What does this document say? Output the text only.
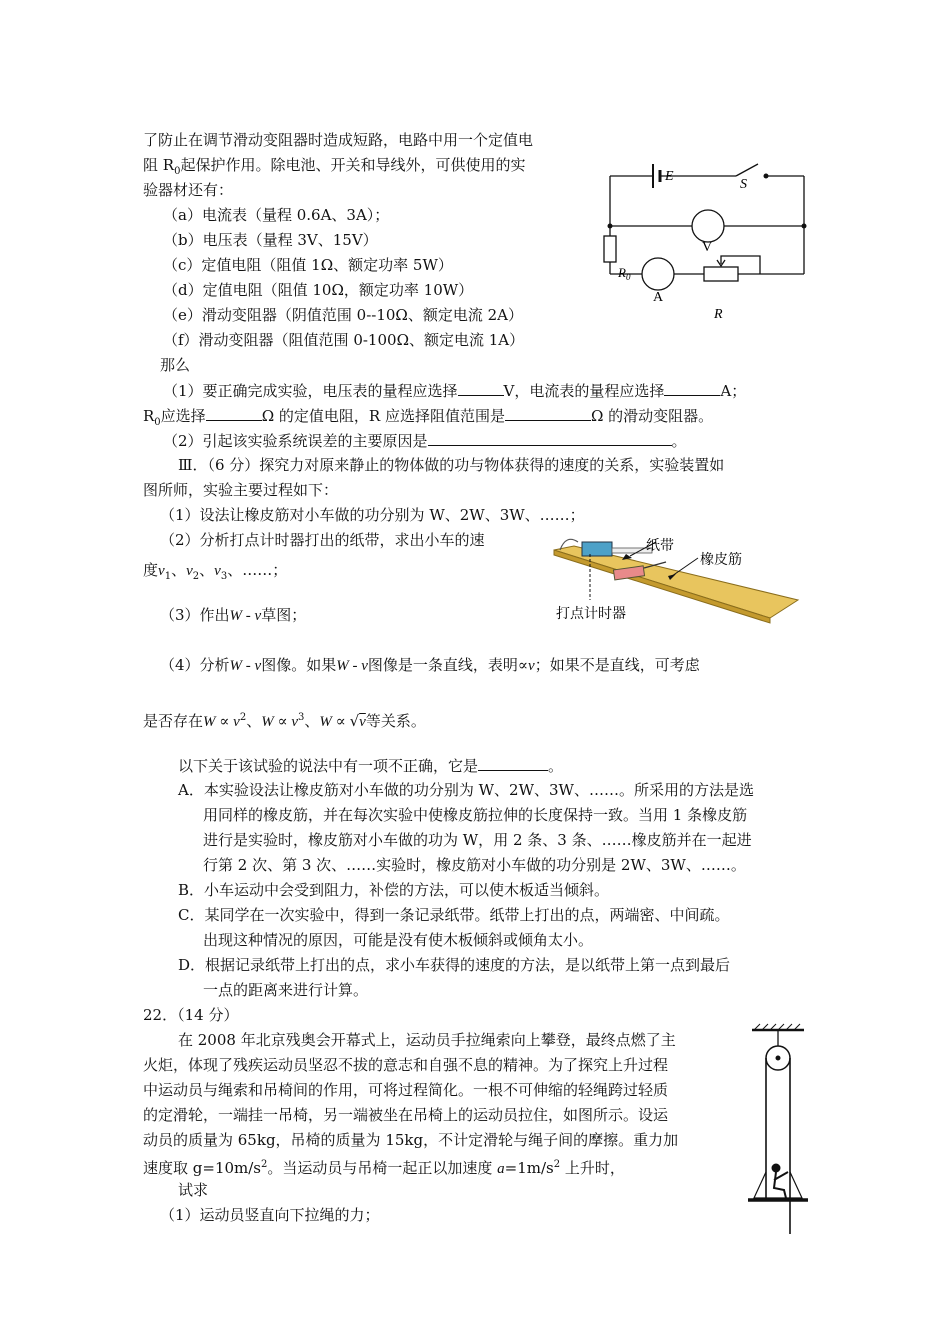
了防止在调节滑动变阻器时造成短路，电路中用一个定值电
阻 $R_0$起保护作用。除电池、开关和导线外，可供使用的实
验器材还有：
（a）电流表（量程 0.6A、3A）；
（b）电压表（量程 3V、15V）
（c）定值电阻（阻值 1Ω、额定功率 5W）
（d）定值电阻（阻值 10Ω，额定功率 10W）
（e）滑动变阻器（阴值范围 0--10Ω、额定电流 2A）
（f）滑动变阻器（阻值范围 0-100Ω、额定电流 1A）
那么
E
S
V
$R_0$
A
R
（1）要正确完成实验，电压表的量程应选择	V，电流表的量程应选择	A；
$R_0$应选择	Ω 的定值电阻，R 应选择阻值范围是	Ω 的滑动变阻器。
（2）引起该实验系统误差的主要原因是	。
Ⅲ．（6 分）探究力对原来静止的物体做的功与物体获得的速度的关系，实验装置如
图所师，实验主要过程如下：
（1）设法让橡皮筋对小车做的功分别为 W、2W、3W、……；
（2）分析打点计时器打出的纸带，求出小车的速
度$v_1$、$v_2$、$v_3$、……；
（3）作出W - v草图；
（4）分析W - v图像。如果W - v图像是一条直线，表明∝v；如果不是直线，可考虑
是否存在$W \propto v^2$、$W \propto v^3$、W ∝ √v等关系。
纸带
橡皮筋
打点计时器
以下关于该试验的说法中有一项不正确，它是	。
A．本实验设法让橡皮筋对小车做的功分别为 W、2W、3W、……。所采用的方法是选
用同样的橡皮筋，并在每次实验中使橡皮筋拉伸的长度保持一致。当用 1 条橡皮筋
进行是实验时，橡皮筋对小车做的功为 W，用 2 条、3 条、……橡皮筋并在一起进
行第 2 次、第 3 次、……实验时，橡皮筋对小车做的功分别是 2W、3W、……。
B．小车运动中会受到阻力，补偿的方法，可以使木板适当倾斜。
C．某同学在一次实验中，得到一条记录纸带。纸带上打出的点，两端密、中间疏。
出现这种情况的原因，可能是没有使木板倾斜或倾角太小。
D．根据记录纸带上打出的点，求小车获得的速度的方法，是以纸带上第一点到最后
一点的距离来进行计算。
22．（14 分）
在 2008 年北京残奥会开幕式上，运动员手拉绳索向上攀登，最终点燃了主
火炬，体现了残疾运动员坚忍不拔的意志和自强不息的精神。为了探究上升过程
中运动员与绳索和吊椅间的作用，可将过程简化。一根不可伸缩的轻绳跨过轻质
的定滑轮，一端挂一吊椅，另一端被坐在吊椅上的运动员拉住，如图所示。设运
动员的质量为 65kg，吊椅的质量为 15kg，不计定滑轮与绳子间的摩擦。重力加
速度取 $g=10m/s^2$。当运动员与吊椅一起正以加速度 $a=1m/s^2$ 上升时，
试求
（1）运动员竖直向下拉绳的力；
